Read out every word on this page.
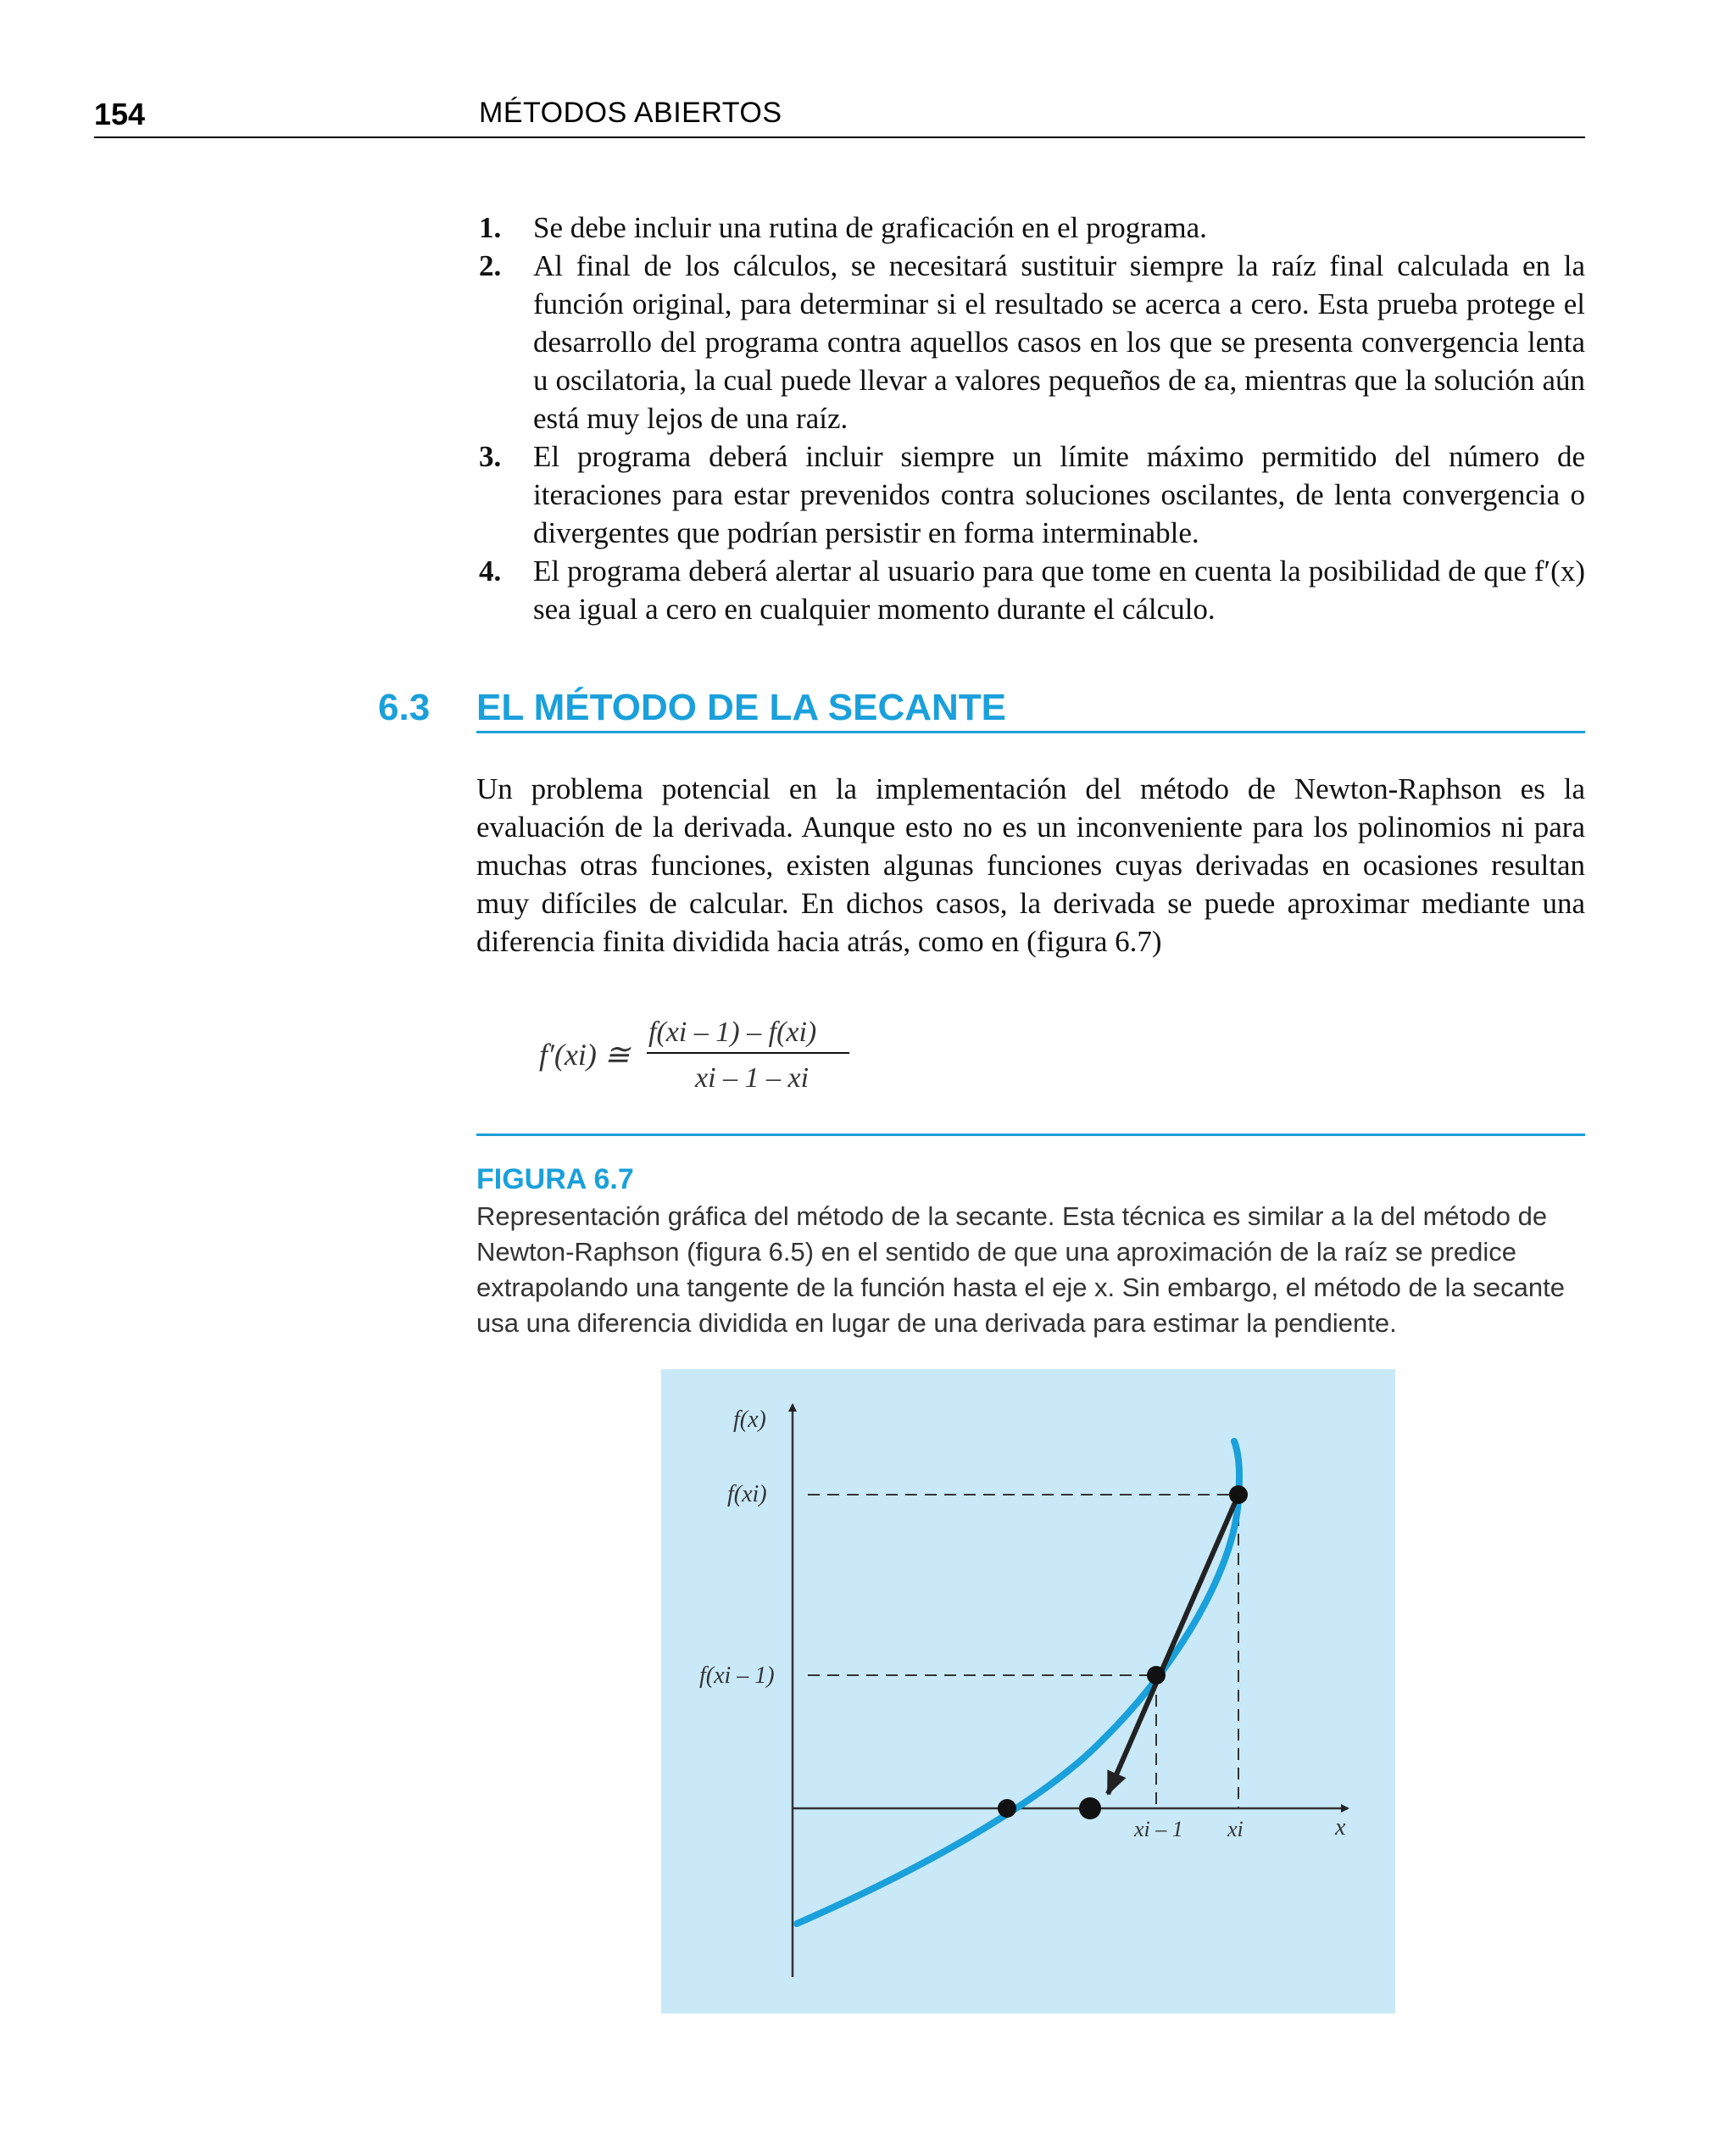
154	MÉTODOS ABIERTOS
1. Se debe incluir una rutina de graficación en el programa.
2. Al final de los cálculos, se necesitará sustituir siempre la raíz final calculada en la función original, para determinar si el resultado se acerca a cero. Esta prueba protege el desarrollo del programa contra aquellos casos en los que se presenta convergencia lenta u oscilatoria, la cual puede llevar a valores pequeños de εa, mientras que la solución aún está muy lejos de una raíz.
3. El programa deberá incluir siempre un límite máximo permitido del número de iteraciones para estar prevenidos contra soluciones oscilantes, de lenta convergencia o divergentes que podrían persistir en forma interminable.
4. El programa deberá alertar al usuario para que tome en cuenta la posibilidad de que f′(x) sea igual a cero en cualquier momento durante el cálculo.
6.3 EL MÉTODO DE LA SECANTE
Un problema potencial en la implementación del método de Newton-Raphson es la evaluación de la derivada. Aunque esto no es un inconveniente para los polinomios ni para muchas otras funciones, existen algunas funciones cuyas derivadas en ocasiones resultan muy difíciles de calcular. En dichos casos, la derivada se puede aproximar mediante una diferencia finita dividida hacia atrás, como en (figura 6.7)
f′(xi) ≅
f(xi – 1) – f(xi)
xi – 1 – xi
FIGURA 6.7
Representación gráfica del método de la secante. Esta técnica es similar a la del método de Newton-Raphson (figura 6.5) en el sentido de que una aproximación de la raíz se predice extrapolando una tangente de la función hasta el eje x. Sin embargo, el método de la secante usa una diferencia dividida en lugar de una derivada para estimar la pendiente.
f(x)
f(xi)
f(xi – 1)
xi – 1 xi	x
